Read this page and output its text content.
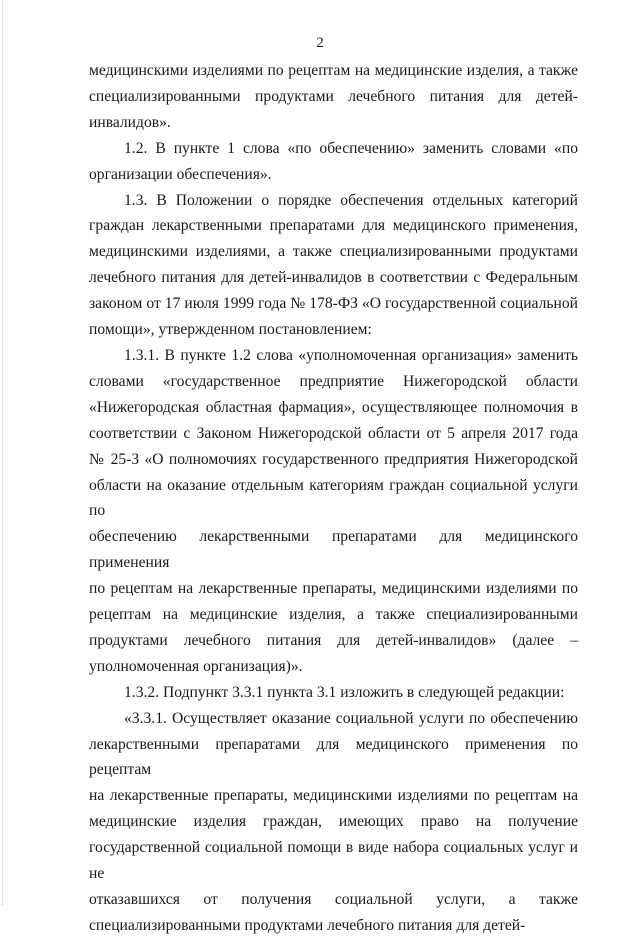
2
медицинскими изделиями по рецептам на медицинские изделия, а также
специализированными продуктами лечебного питания для детей-
инвалидов».
1.2. В пункте 1 слова «по обеспечению» заменить словами «по
организации обеспечения».
1.3. В Положении о порядке обеспечения отдельных категорий
граждан лекарственными препаратами для медицинского применения,
медицинскими изделиями, а также специализированными продуктами
лечебного питания для детей-инвалидов в соответствии с Федеральным
законом от 17 июля 1999 года № 178-ФЗ «О государственной социальной
помощи», утвержденном постановлением:
1.3.1. В пункте 1.2 слова «уполномоченная организация» заменить
словами «государственное предприятие Нижегородской области
«Нижегородская областная фармация», осуществляющее полномочия в
соответствии с Законом Нижегородской области от 5 апреля 2017 года
№ 25-З «О полномочиях государственного предприятия Нижегородской
области на оказание отдельным категориям граждан социальной услуги по
обеспечению лекарственными препаратами для медицинского применения
по рецептам на лекарственные препараты, медицинскими изделиями по
рецептам на медицинские изделия, а также специализированными
продуктами лечебного питания для детей-инвалидов» (далее –
уполномоченная организация)».
1.3.2. Подпункт 3.3.1 пункта 3.1 изложить в следующей редакции:
«3.3.1. Осуществляет оказание социальной услуги по обеспечению
лекарственными препаратами для медицинского применения по рецептам
на лекарственные препараты, медицинскими изделиями по рецептам на
медицинские изделия граждан, имеющих право на получение
государственной социальной помощи в виде набора социальных услуг и не
отказавшихся от получения социальной услуги, а также
специализированными продуктами лечебного питания для детей-
